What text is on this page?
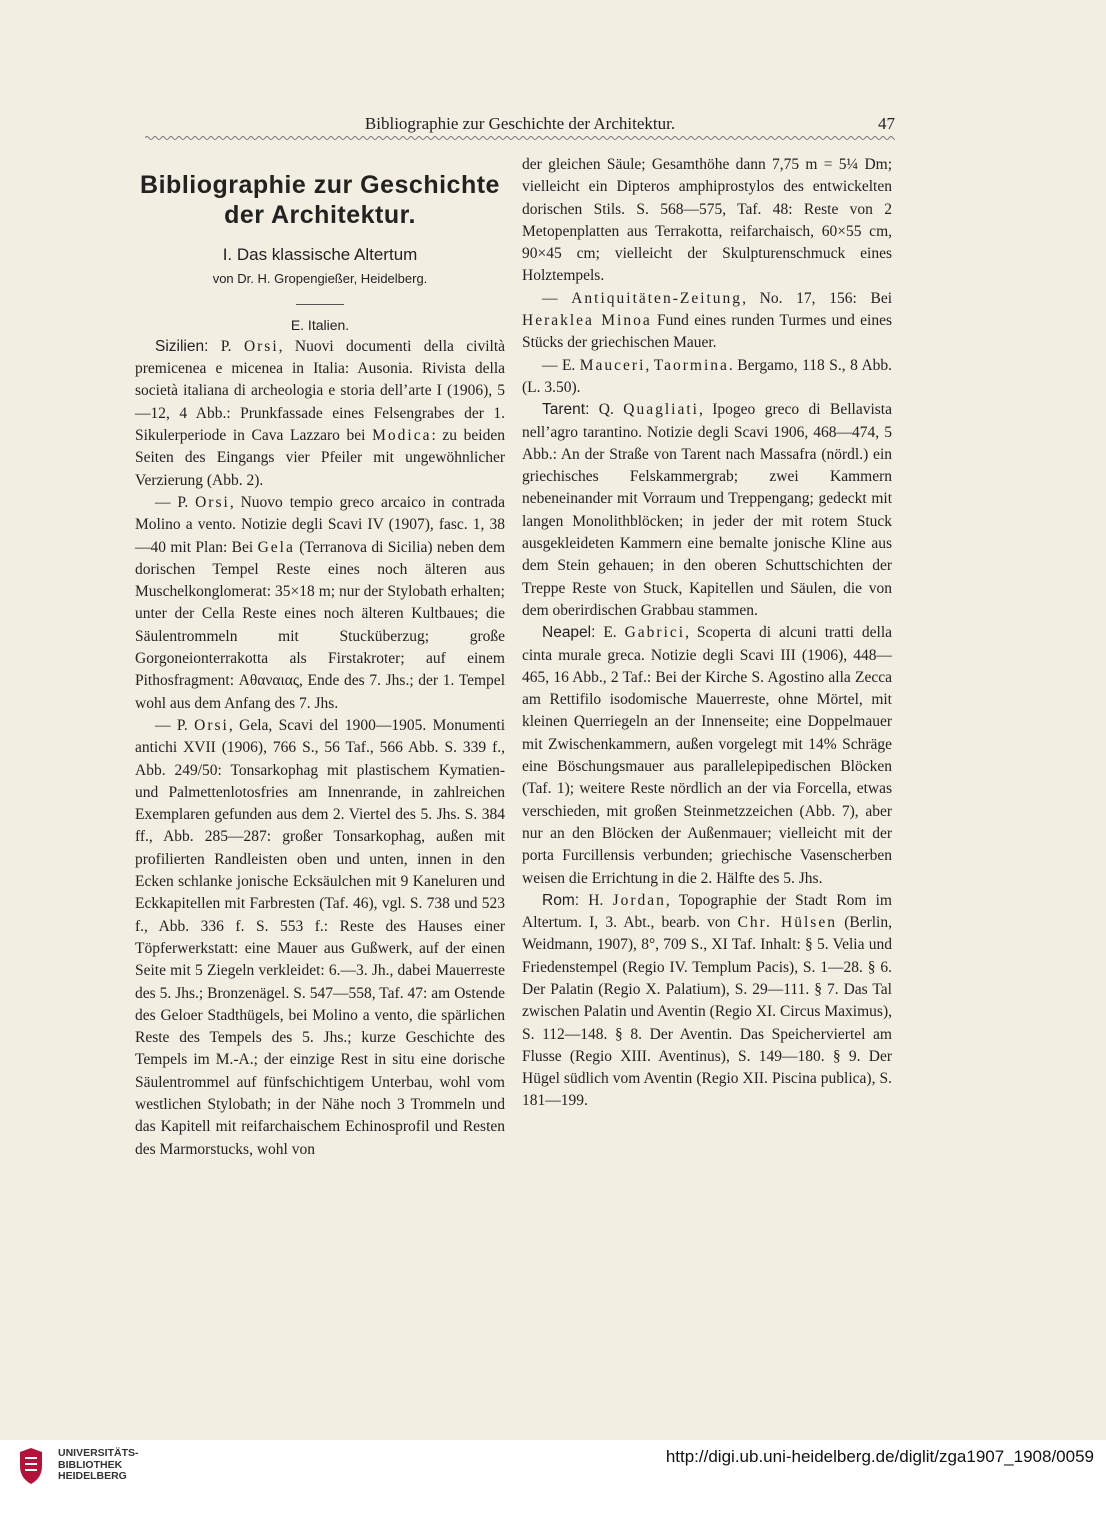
Bibliographie zur Geschichte der Architektur.	47
Bibliographie zur Geschichte
der Architektur.
I. Das klassische Altertum
von Dr. H. Gropengießer, Heidelberg.
E. Italien.

Sizilien: P. Orsi, Nuovi documenti della civiltà premicenea e micenea in Italia: Ausonia. Rivista della società italiana di archeologia e storia dell’arte I (1906), 5—12, 4 Abb.: Prunkfassade eines Felsengrabes der 1. Sikulerperiode in Cava Lazzaro bei Modica: zu beiden Seiten des Eingangs vier Pfeiler mit ungewöhnlicher Verzierung (Abb. 2).

— P. Orsi, Nuovo tempio greco arcaico in contrada Molino a vento. Notizie degli Scavi IV (1907), fasc. 1, 38—40 mit Plan: Bei Gela (Terranova di Sicilia) neben dem dorischen Tempel Reste eines noch älteren aus Muschelkonglomerat: 35×18 m; nur der Stylobath erhalten; unter der Cella Reste eines noch älteren Kultbaues; die Säulentrommeln mit Stucküberzug; große Gorgoneionterrakotta als Firstakroter; auf einem Pithosfragment: Αθαναιας, Ende des 7. Jhs.; der 1. Tempel wohl aus dem Anfang des 7. Jhs.

— P. Orsi, Gela, Scavi del 1900—1905. Monumenti antichi XVII (1906), 766 S., 56 Taf., 566 Abb. S. 339 f., Abb. 249/50: Tonsarkophag mit plastischem Kymatien- und Palmettenlotosfries am Innenrande, in zahlreichen Exemplaren gefunden aus dem 2. Viertel des 5. Jhs. S. 384 ff., Abb. 285—287: großer Tonsarkophag, außen mit profilierten Randleisten oben und unten, innen in den Ecken schlanke jonische Ecksäulchen mit 9 Kaneluren und Eckkapitellen mit Farbresten (Taf. 46), vgl. S. 738 und 523 f., Abb. 336 f. S. 553 f.: Reste des Hauses einer Töpferwerkstatt: eine Mauer aus Gußwerk, auf der einen Seite mit 5 Ziegeln verkleidet: 6.—3. Jh., dabei Mauerreste des 5. Jhs.; Bronzenägel. S. 547—558, Taf. 47: am Ostende des Geloer Stadthügels, bei Molino a vento, die spärlichen Reste des Tempels des 5. Jhs.; kurze Geschichte des Tempels im M.-A.; der einzige Rest in situ eine dorische Säulentrommel auf fünfschichtigem Unterbau, wohl vom westlichen Stylobath; in der Nähe noch 3 Trommeln und das Kapitell mit reifarchaischem Echinosprofil und Resten des Marmorstucks, wohl von

der gleichen Säule; Gesamthöhe dann 7,75 m = 5¼ Dm; vielleicht ein Dipteros amphiprostylos des entwickelten dorischen Stils. S. 568—575, Taf. 48: Reste von 2 Metopenplatten aus Terrakotta, reifarchaisch, 60×55 cm, 90×45 cm; vielleicht der Skulpturenschmuck eines Holztempels.

— Antiquitäten-Zeitung, No. 17, 156: Bei Heraklea Minoa Fund eines runden Turmes und eines Stücks der griechischen Mauer.

— E. Mauceri, Taormina. Bergamo, 118 S., 8 Abb. (L. 3.50).

Tarent: Q. Quagliati, Ipogeo greco di Bellavista nell’agro tarantino. Notizie degli Scavi 1906, 468—474, 5 Abb.: An der Straße von Tarent nach Massafra (nördl.) ein griechisches Felskammergrab; zwei Kammern nebeneinander mit Vorraum und Treppengang; gedeckt mit langen Monolithblöcken; in jeder der mit rotem Stuck ausgekleideten Kammern eine bemalte jonische Kline aus dem Stein gehauen; in den oberen Schuttschichten der Treppe Reste von Stuck, Kapitellen und Säulen, die von dem oberirdischen Grabbau stammen.

Neapel: E. Gabrici, Scoperta di alcuni tratti della cinta murale greca. Notizie degli Scavi III (1906), 448—465, 16 Abb., 2 Taf.: Bei der Kirche S. Agostino alla Zecca am Rettifilo isodomische Mauerreste, ohne Mörtel, mit kleinen Querriegeln an der Innenseite; eine Doppelmauer mit Zwischenkammern, außen vorgelegt mit 14% Schräge eine Böschungsmauer aus parallelepipedischen Blöcken (Taf. 1); weitere Reste nördlich an der via Forcella, etwas verschieden, mit großen Steinmetzzeichen (Abb. 7), aber nur an den Blöcken der Außenmauer; vielleicht mit der porta Furcillensis verbunden; griechische Vasenscherben weisen die Errichtung in die 2. Hälfte des 5. Jhs.

Rom: H. Jordan, Topographie der Stadt Rom im Altertum. I, 3. Abt., bearb. von Chr. Hülsen (Berlin, Weidmann, 1907), 8°, 709 S., XI Taf. Inhalt: § 5. Velia und Friedenstempel (Regio IV. Templum Pacis), S. 1—28. § 6. Der Palatin (Regio X. Palatium), S. 29—111. § 7. Das Tal zwischen Palatin und Aventin (Regio XI. Circus Maximus), S. 112—148. § 8. Der Aventin. Das Speicherviertel am Flusse (Regio XIII. Aventinus), S. 149—180. § 9. Der Hügel südlich vom Aventin (Regio XII. Piscina publica), S. 181—199.

UNIVERSITÄTS-
BIBLIOTHEK
HEIDELBERG
http://digi.ub.uni-heidelberg.de/diglit/zga1907_1908/0059
